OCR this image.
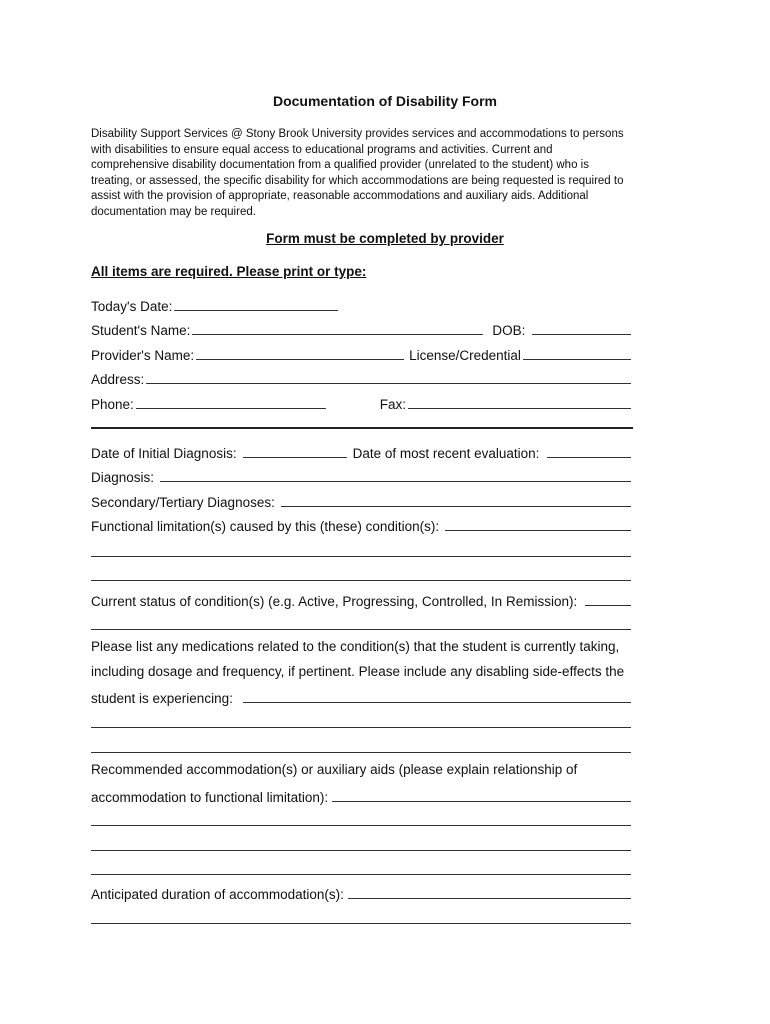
Documentation of Disability Form
Disability Support Services @ Stony Brook University provides services and accommodations to persons
with disabilities to ensure equal access to educational programs and activities. Current and
comprehensive disability documentation from a qualified provider (unrelated to the student) who is
treating, or assessed, the specific disability for which accommodations are being requested is required to
assist with the provision of appropriate, reasonable accommodations and auxiliary aids. Additional
documentation may be required.
Form must be completed by provider
All items are required. Please print or type:
Today's Date:
Student's Name:	DOB:
Provider's Name:	License/Credential
Address:
Phone:	Fax:
Date of Initial Diagnosis:	Date of most recent evaluation:
Diagnosis:
Secondary/Tertiary Diagnoses:
Functional limitation(s) caused by this (these) condition(s):
Current status of condition(s) (e.g. Active, Progressing, Controlled, In Remission):
Please list any medications related to the condition(s) that the student is currently taking,
including dosage and frequency, if pertinent. Please include any disabling side-effects the
student is experiencing:
Recommended accommodation(s) or auxiliary aids (please explain relationship of
accommodation to functional limitation):
Anticipated duration of accommodation(s):
